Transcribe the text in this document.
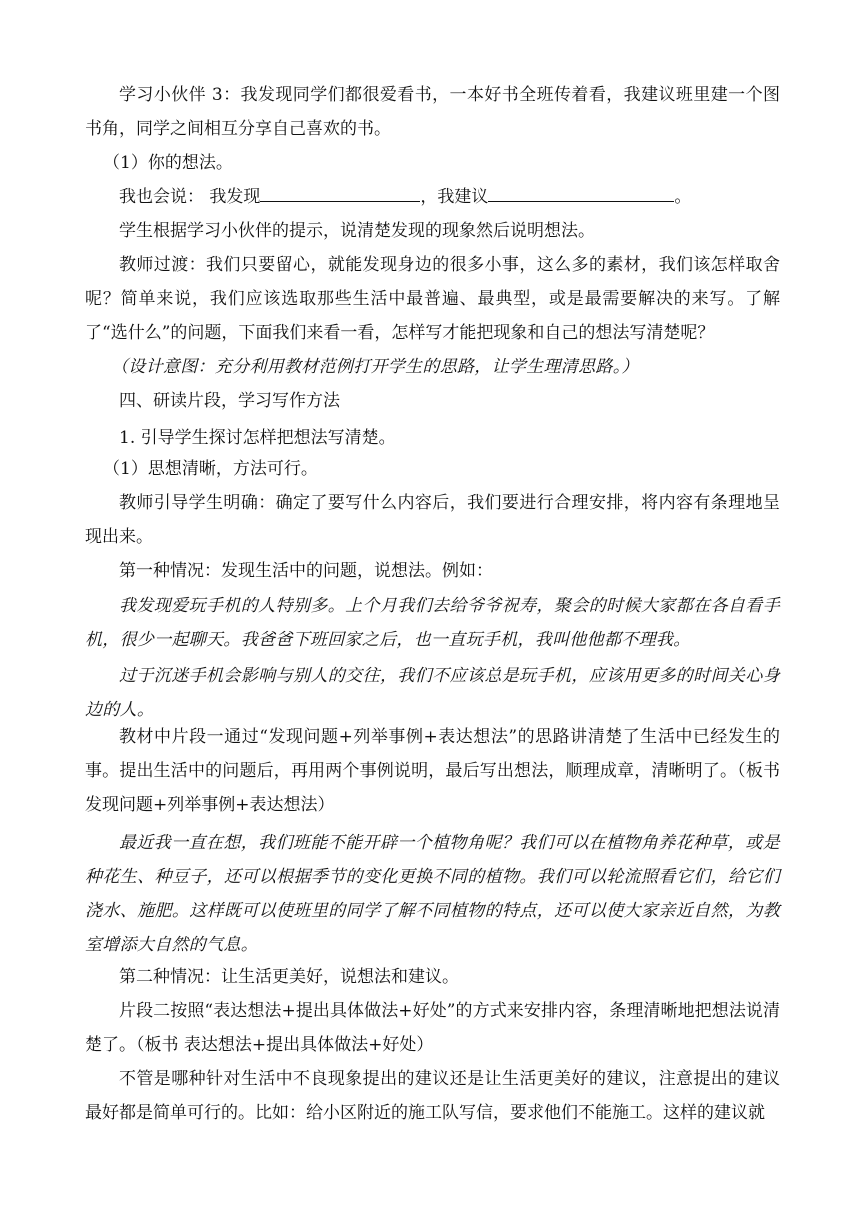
学习小伙伴 3：我发现同学们都很爱看书，一本好书全班传着看，我建议班里建一个图书角，同学之间相互分享自己喜欢的书。

（1）你的想法。

我也会说： 我发现	，我建议	。

学生根据学习小伙伴的提示，说清楚发现的现象然后说明想法。

教师过渡：我们只要留心，就能发现身边的很多小事，这么多的素材，我们该怎样取舍呢？简单来说，我们应该选取那些生活中最普遍、最典型，或是最需要解决的来写。了解了“选什么”的问题，下面我们来看一看，怎样写才能把现象和自己的想法写清楚呢？

（设计意图：充分利用教材范例打开学生的思路，让学生理清思路。）

四、研读片段，学习写作方法

1. 引导学生探讨怎样把想法写清楚。

（1）思想清晰，方法可行。

教师引导学生明确：确定了要写什么内容后，我们要进行合理安排，将内容有条理地呈现出来。

第一种情况：发现生活中的问题，说想法。例如：

我发现爱玩手机的人特别多。上个月我们去给爷爷祝寿，聚会的时候大家都在各自看手机，很少一起聊天。我爸爸下班回家之后，也一直玩手机，我叫他他都不理我。

过于沉迷手机会影响与别人的交往，我们不应该总是玩手机，应该用更多的时间关心身边的人。

教材中片段一通过“发现问题+列举事例+表达想法”的思路讲清楚了生活中已经发生的事。提出生活中的问题后，再用两个事例说明，最后写出想法，顺理成章，清晰明了。（板书 发现问题+列举事例+表达想法）

最近我一直在想，我们班能不能开辟一个植物角呢？我们可以在植物角养花种草，或是种花生、种豆子，还可以根据季节的变化更换不同的植物。我们可以轮流照看它们，给它们浇水、施肥。这样既可以使班里的同学了解不同植物的特点，还可以使大家亲近自然，为教室增添大自然的气息。

第二种情况：让生活更美好，说想法和建议。

片段二按照“表达想法+提出具体做法+好处”的方式来安排内容，条理清晰地把想法说清楚了。（板书 表达想法+提出具体做法+好处）

不管是哪种针对生活中不良现象提出的建议还是让生活更美好的建议，注意提出的建议最好都是简单可行的。比如：给小区附近的施工队写信，要求他们不能施工。这样的建议就
